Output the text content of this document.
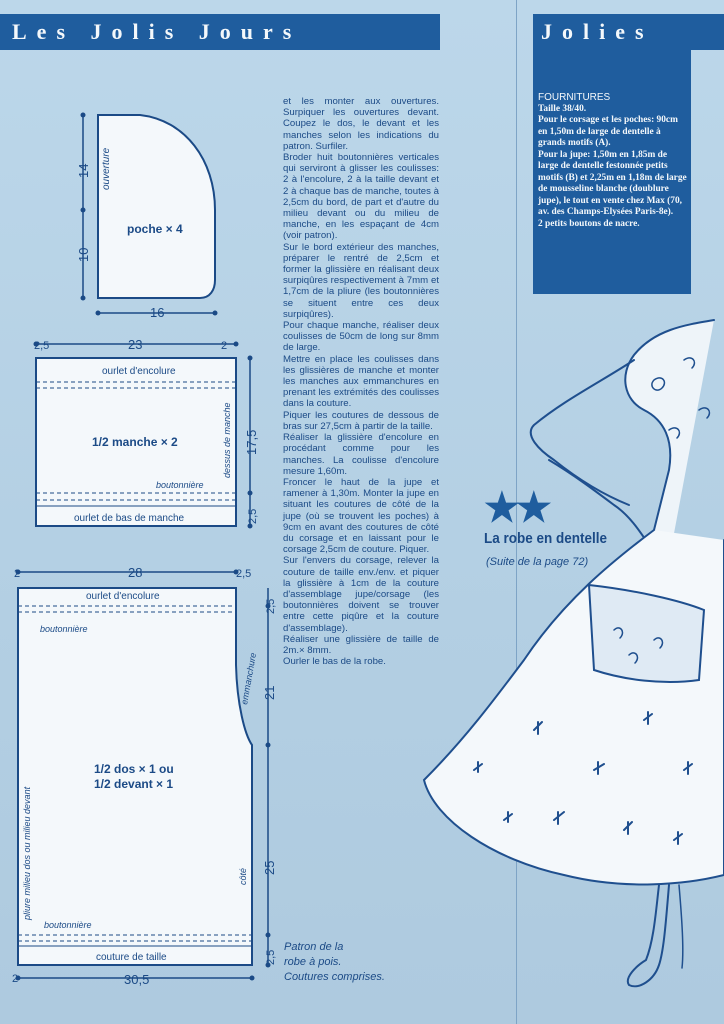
Les Jolis Jours	Jolies
14
10
16
ouverture
poche × 4
2,5	23	2
ourlet d'encolure
1/2 manche × 2	dessus de manche
boutonnière
ourlet de bas de manche
17,5
2,5
2	28	2,5
ourlet d'encolure
boutonnière
emmanchure
1/2 dos × 1 ou
1/2 devant × 1
pliure milieu dos ou milieu devant	côté
boutonnière
couture de taille
2	30,5
2,5
21
25
2,5

et les monter aux ouvertures. Surpiquer les ouvertures devant. Coupez le dos, le devant et les manches selon les indications du patron. Surfiler.

Broder huit boutonnières verticales qui serviront à glisser les coulisses: 2 à l'encolure, 2 à la taille devant et 2 à chaque bas de manche, toutes à 2,5cm du bord, de part et d'autre du milieu devant ou du milieu de manche, en les espaçant de 4cm (voir patron).

Sur le bord extérieur des manches, préparer le rentré de 2,5cm et former la glissière en réalisant deux surpiqûres respectivement à 7mm et 1,7cm de la pliure (les boutonnières se situent entre ces deux surpiqûres).

Pour chaque manche, réaliser deux coulisses de 50cm de long sur 8mm de large.

Mettre en place les coulisses dans les glissières de manche et monter les manches aux emmanchures en prenant les extrémités des coulisses dans la couture.

Piquer les coutures de dessous de bras sur 27,5cm à partir de la taille.

Réaliser la glissière d'encolure en procédant comme pour les manches. La coulisse d'encolure mesure 1,60m.

Froncer le haut de la jupe et ramener à 1,30m. Monter la jupe en situant les coutures de côté de la jupe (où se trouvent les poches) à 9cm en avant des coutures de côté du corsage et en laissant pour le corsage 2,5cm de couture. Piquer.

Sur l'envers du corsage, relever la couture de taille env./env. et piquer la glissière à 1cm de la couture d'assemblage jupe/corsage (les boutonnières doivent se trouver entre cette piqûre et la couture d'assemblage).

Réaliser une glissière de taille de 2m.× 8mm.

Ourler le bas de la robe.

Patron de la
robe à pois.
Coutures comprises.
FOURNITURES
Taille 38/40.
Pour le corsage et les poches: 90cm en 1,50m de large de dentelle à grands motifs (A).
Pour la jupe: 1,50m en 1,85m de large de dentelle festonnée petits motifs (B) et 2,25m en 1,18m de large de mousseline blanche (doublure jupe), le tout en vente chez Max (70, av. des Champs-Elysées Paris-8e).
2 petits boutons de nacre.
★★
La robe en dentelle
(Suite de la page 72)
